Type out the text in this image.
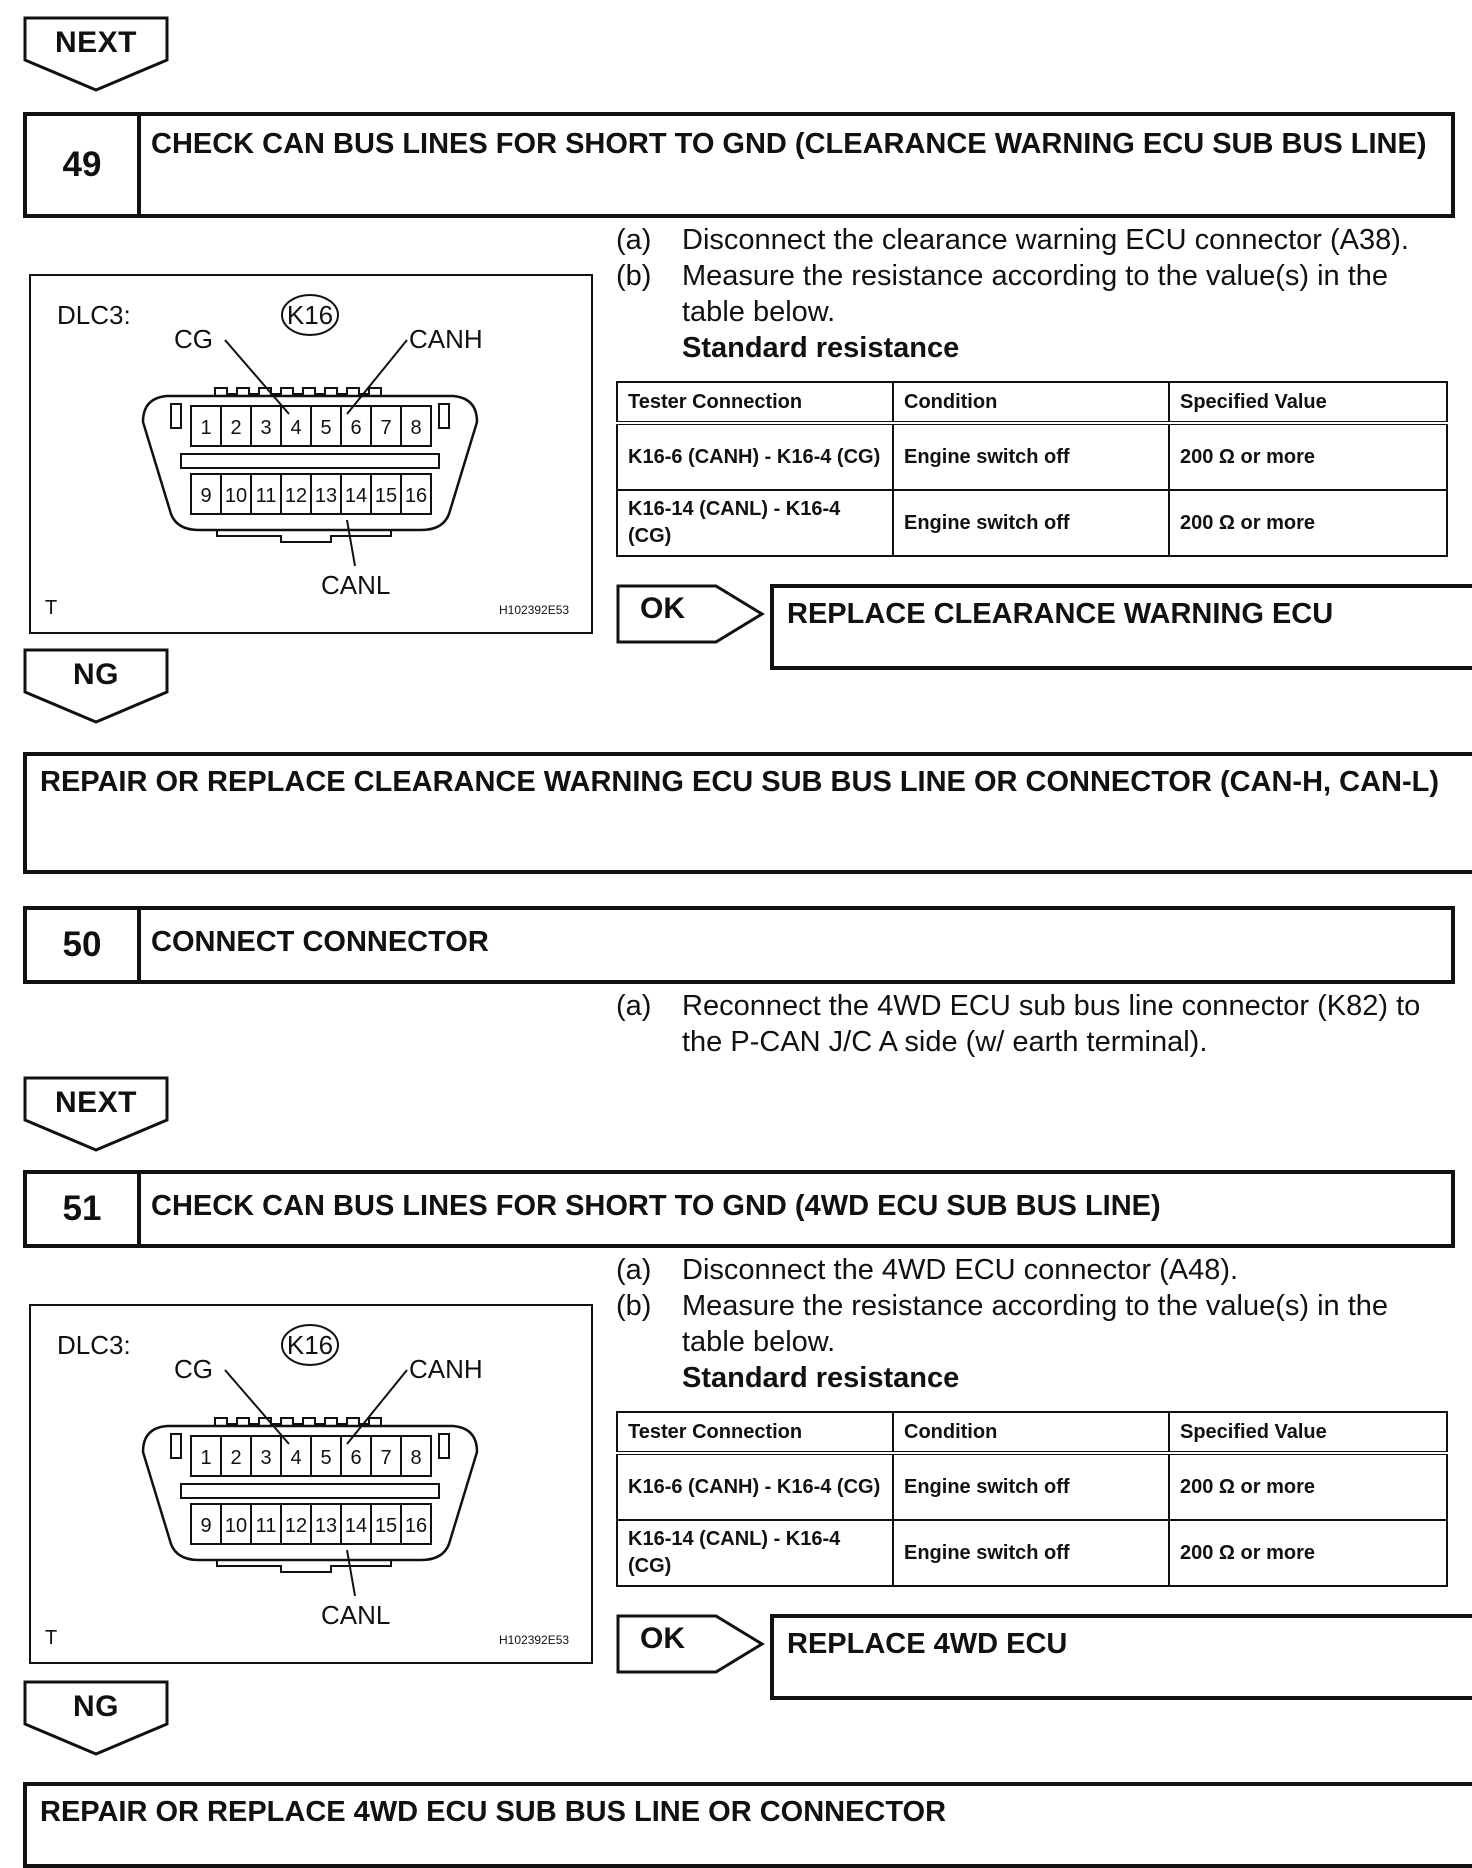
NEXT
49
CHECK CAN BUS LINES FOR SHORT TO GND (CLEARANCE WARNING ECU SUB BUS LINE)
DLC3:
CG	CANH
CANL
T	H102392E53
K16
1 2 3 4 5 6 7 8
9 10 11 12 13 14 15 16
(a)	Disconnect the clearance warning ECU connector (A38).
(b)	Measure the resistance according to the value(s) in the table below.
Standard resistance
Tester Connection	Condition	Specified Value
K16-6 (CANH) - K16-4 (CG)	Engine switch off	200 Ω or more
K16-14 (CANL) - K16-4 (CG)	Engine switch off	200 Ω or more
OK	REPLACE CLEARANCE WARNING ECU
NG
REPAIR OR REPLACE CLEARANCE WARNING ECU SUB BUS LINE OR CONNECTOR (CAN-H, CAN-L)
50	CONNECT CONNECTOR
(a)	Reconnect the 4WD ECU sub bus line connector (K82) to the P-CAN J/C A side (w/ earth terminal).
NEXT
51	CHECK CAN BUS LINES FOR SHORT TO GND (4WD ECU SUB BUS LINE)
DLC3:
CG	CANH
CANL
T	H102392E53
K16
1 2 3 4 5 6 7 8
9 10 11 12 13 14 15 16
(a)	Disconnect the 4WD ECU connector (A48).
(b)	Measure the resistance according to the value(s) in the table below.
Standard resistance
Tester Connection	Condition	Specified Value
K16-6 (CANH) - K16-4 (CG)	Engine switch off	200 Ω or more
K16-14 (CANL) - K16-4 (CG)	Engine switch off	200 Ω or more
OK	REPLACE 4WD ECU
NG
REPAIR OR REPLACE 4WD ECU SUB BUS LINE OR CONNECTOR
